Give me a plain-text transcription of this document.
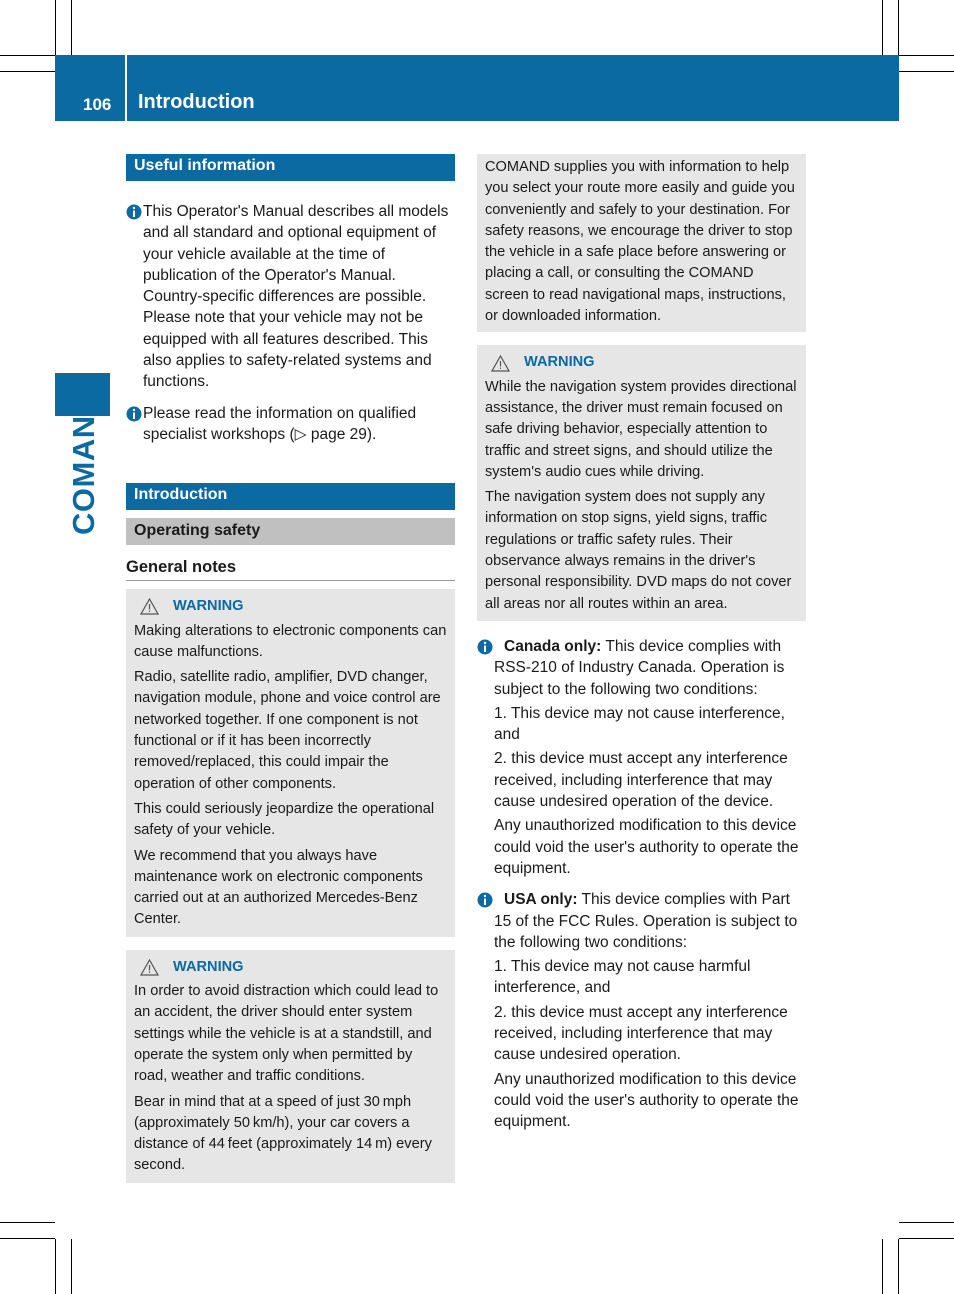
106	Introduction
COMAND
Useful information
This Operator's Manual describes all models and all standard and optional equipment of your vehicle available at the time of publication of the Operator's Manual. Country-specific differences are possible. Please note that your vehicle may not be equipped with all features described. This also applies to safety-related systems and functions.
Please read the information on qualified specialist workshops (▷ page 29).
Introduction
Operating safety
General notes
WARNING

Making alterations to electronic components can cause malfunctions.

Radio, satellite radio, amplifier, DVD changer, navigation module, phone and voice control are networked together. If one component is not functional or if it has been incorrectly removed/replaced, this could impair the operation of other components.

This could seriously jeopardize the operational safety of your vehicle.

We recommend that you always have maintenance work on electronic components carried out at an authorized Mercedes-Benz Center.

WARNING

In order to avoid distraction which could lead to an accident, the driver should enter system settings while the vehicle is at a standstill, and operate the system only when permitted by road, weather and traffic conditions.

Bear in mind that at a speed of just 30 mph (approximately 50 km/h), your car covers a distance of 44 feet (approximately 14 m) every second.

COMAND supplies you with information to help you select your route more easily and guide you conveniently and safely to your destination. For safety reasons, we encourage the driver to stop the vehicle in a safe place before answering or placing a call, or consulting the COMAND screen to read navigational maps, instructions, or downloaded information.

WARNING

While the navigation system provides directional assistance, the driver must remain focused on safe driving behavior, especially attention to traffic and street signs, and should utilize the system's audio cues while driving.

The navigation system does not supply any information on stop signs, yield signs, traffic regulations or traffic safety rules. Their observance always remains in the driver's personal responsibility. DVD maps do not cover all areas nor all routes within an area.

Canada only: This device complies with RSS-210 of Industry Canada. Operation is subject to the following two conditions:
1. This device may not cause interference, and
2. this device must accept any interference received, including interference that may cause undesired operation of the device.
Any unauthorized modification to this device could void the user's authority to operate the equipment.
USA only: This device complies with Part 15 of the FCC Rules. Operation is subject to the following two conditions:
1. This device may not cause harmful interference, and
2. this device must accept any interference received, including interference that may cause undesired operation.
Any unauthorized modification to this device could void the user's authority to operate the equipment.
